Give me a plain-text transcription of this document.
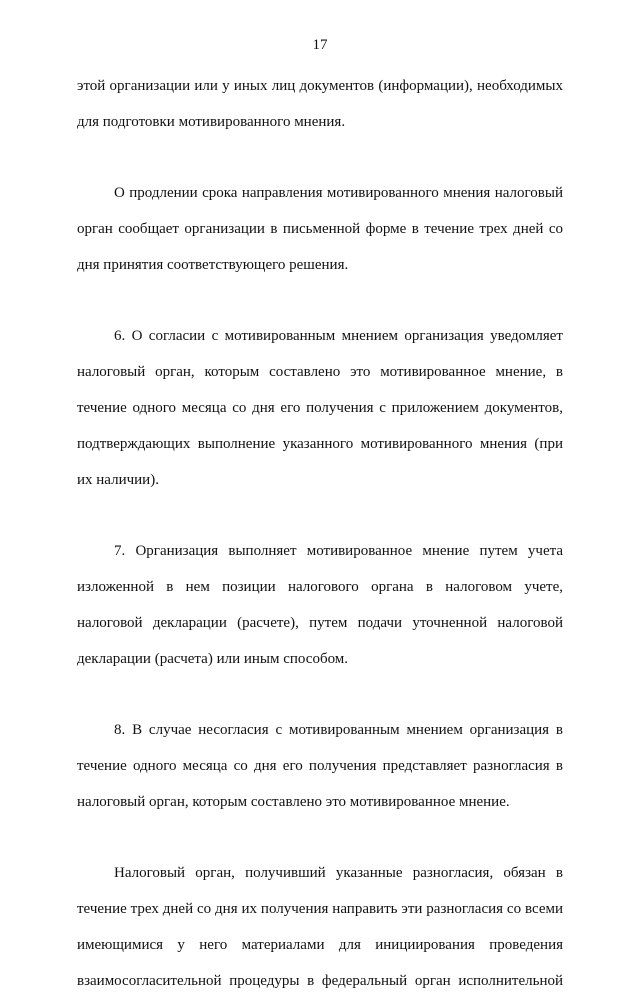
17
этой организации или у иных лиц документов (информации), необходимых
для подготовки мотивированного мнения.
О продлении срока направления мотивированного мнения налоговый
орган сообщает организации в письменной форме в течение трех дней со
дня принятия соответствующего решения.
6. О согласии с мотивированным мнением организация уведомляет
налоговый орган, которым составлено это мотивированное мнение, в
течение одного месяца со дня его получения с приложением документов,
подтверждающих выполнение указанного мотивированного мнения (при
их наличии).
7. Организация выполняет мотивированное мнение путем учета
изложенной в нем позиции налогового органа в налоговом учете,
налоговой декларации (расчете), путем подачи уточненной налоговой
декларации (расчета) или иным способом.
8. В случае несогласия с мотивированным мнением организация в
течение одного месяца со дня его получения представляет разногласия в
налоговый орган, которым составлено это мотивированное мнение.
Налоговый орган, получивший указанные разногласия, обязан в
течение трех дней со дня их получения направить эти разногласия со всеми
имеющимися у него материалами для инициирования проведения
взаимосогласительной процедуры в федеральный орган исполнительной
